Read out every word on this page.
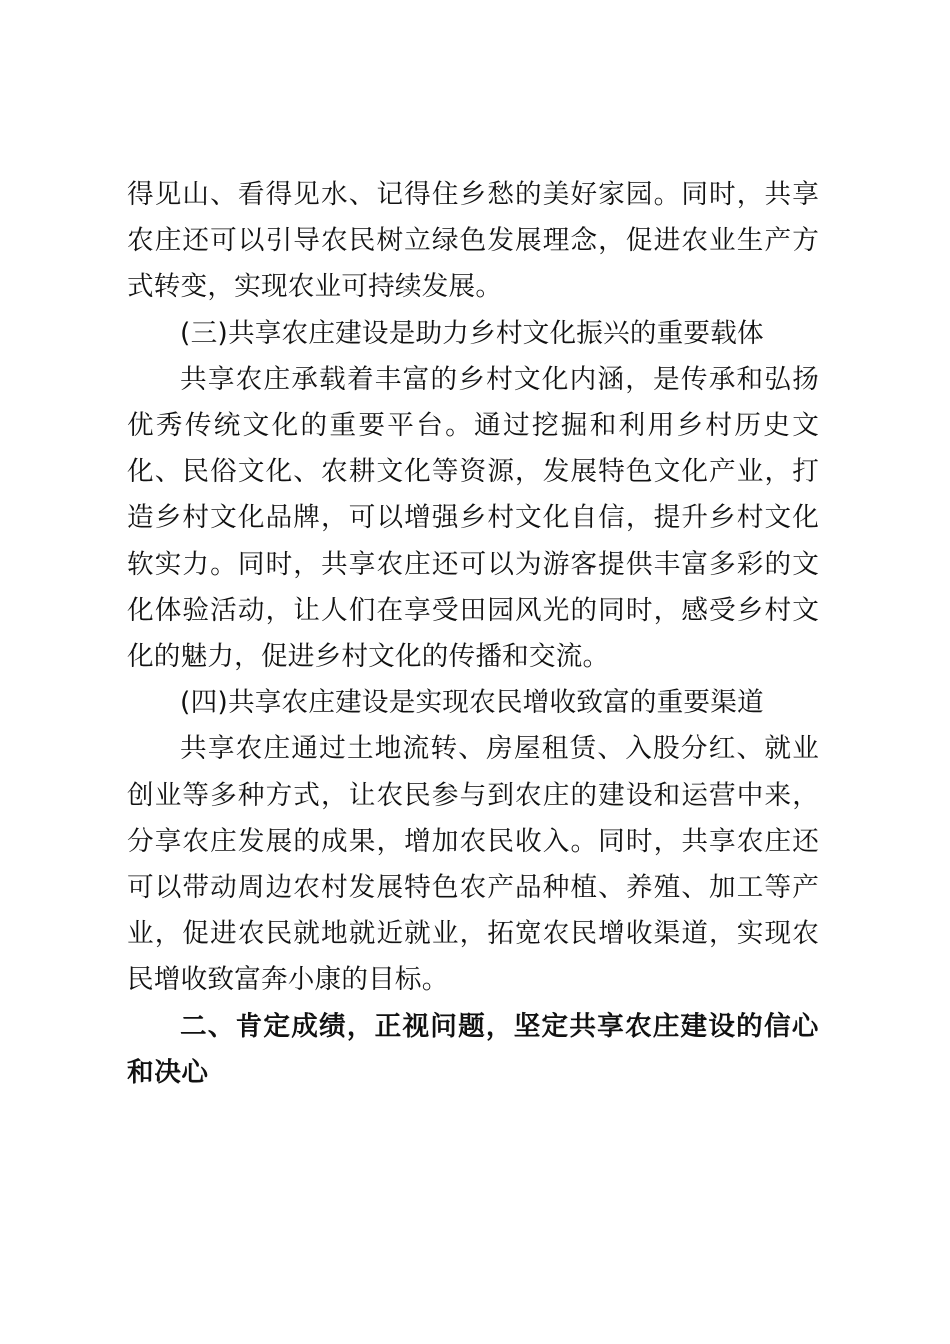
得见山、看得见水、记得住乡愁的美好家园。同时，共享农庄还可以引导农民树立绿色发展理念，促进农业生产方式转变，实现农业可持续发展。

(三)共享农庄建设是助力乡村文化振兴的重要载体

共享农庄承载着丰富的乡村文化内涵，是传承和弘扬优秀传统文化的重要平台。通过挖掘和利用乡村历史文化、民俗文化、农耕文化等资源，发展特色文化产业，打造乡村文化品牌，可以增强乡村文化自信，提升乡村文化软实力。同时，共享农庄还可以为游客提供丰富多彩的文化体验活动，让人们在享受田园风光的同时，感受乡村文化的魅力，促进乡村文化的传播和交流。

(四)共享农庄建设是实现农民增收致富的重要渠道

共享农庄通过土地流转、房屋租赁、入股分红、就业创业等多种方式，让农民参与到农庄的建设和运营中来，分享农庄发展的成果，增加农民收入。同时，共享农庄还可以带动周边农村发展特色农产品种植、养殖、加工等产业，促进农民就地就近就业，拓宽农民增收渠道，实现农民增收致富奔小康的目标。

二、肯定成绩，正视问题，坚定共享农庄建设的信心和决心
